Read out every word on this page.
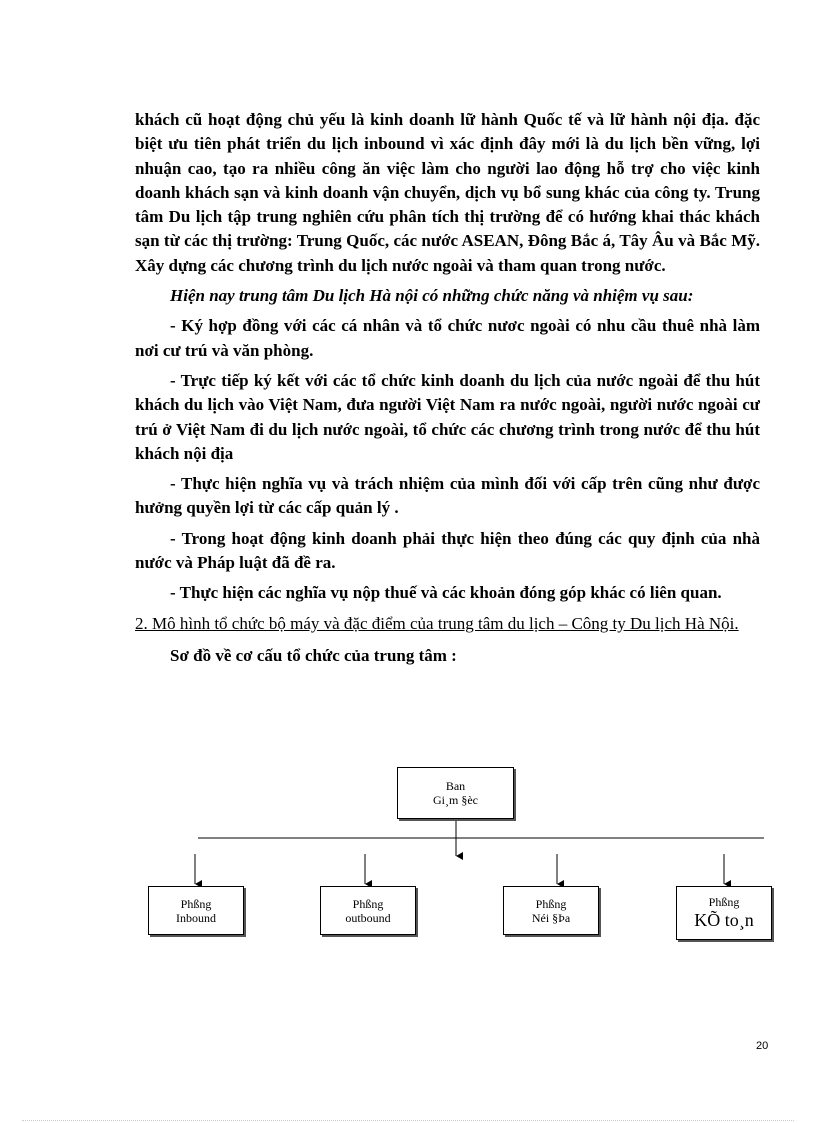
khách cũ hoạt động chủ yếu là kinh doanh lữ hành Quốc tế và lữ hành nội địa. đặc biệt ưu tiên phát triển du lịch inbound vì xác định đây mới là du lịch bền vững, lợi nhuận cao, tạo ra nhiều công ăn việc làm cho người lao động hỗ trợ cho việc kinh doanh khách sạn và kinh doanh vận chuyển, dịch vụ bổ sung khác của công ty. Trung tâm Du lịch tập trung nghiên cứu phân tích thị trường để có hướng khai thác khách sạn từ các thị trường: Trung Quốc, các nước ASEAN, Đông Bắc á, Tây Âu và Bắc Mỹ. Xây dựng các chương trình du lịch nước ngoài và tham quan trong nước.

Hiện nay trung tâm Du lịch Hà nội có những chức năng và nhiệm vụ sau:

- Ký hợp đồng với các cá nhân và tổ chức nươc ngoài có nhu cầu thuê nhà làm nơi cư trú và văn phòng.

- Trực tiếp ký kết với các tổ chức kinh doanh du lịch của nước ngoài để thu hút khách du lịch vào Việt Nam, đưa người Việt Nam ra nước ngoài, người nước ngoài cư trú ở Việt Nam đi du lịch nước ngoài, tổ chức các chương trình trong nước để thu hút khách nội địa

- Thực hiện nghĩa vụ và trách nhiệm của mình đối với cấp trên cũng như được hưởng quyền lợi từ các cấp quản lý .

- Trong hoạt động kinh doanh phải thực hiện theo đúng các quy định của nhà nước và Pháp luật đã đề ra.

- Thực hiện các nghĩa vụ nộp thuế và các khoản đóng góp khác có liên quan.

2. Mô hình tổ chức bộ máy và đặc điểm của trung tâm du lịch – Công ty Du lịch Hà Nội.

Sơ đồ về cơ cấu tổ chức của trung tâm :

Ban
Gi¸m §èc
Phßng
Inbound
Phßng
outbound
Phßng
Néi §Þa
Phßng
KÕ to¸n
20
